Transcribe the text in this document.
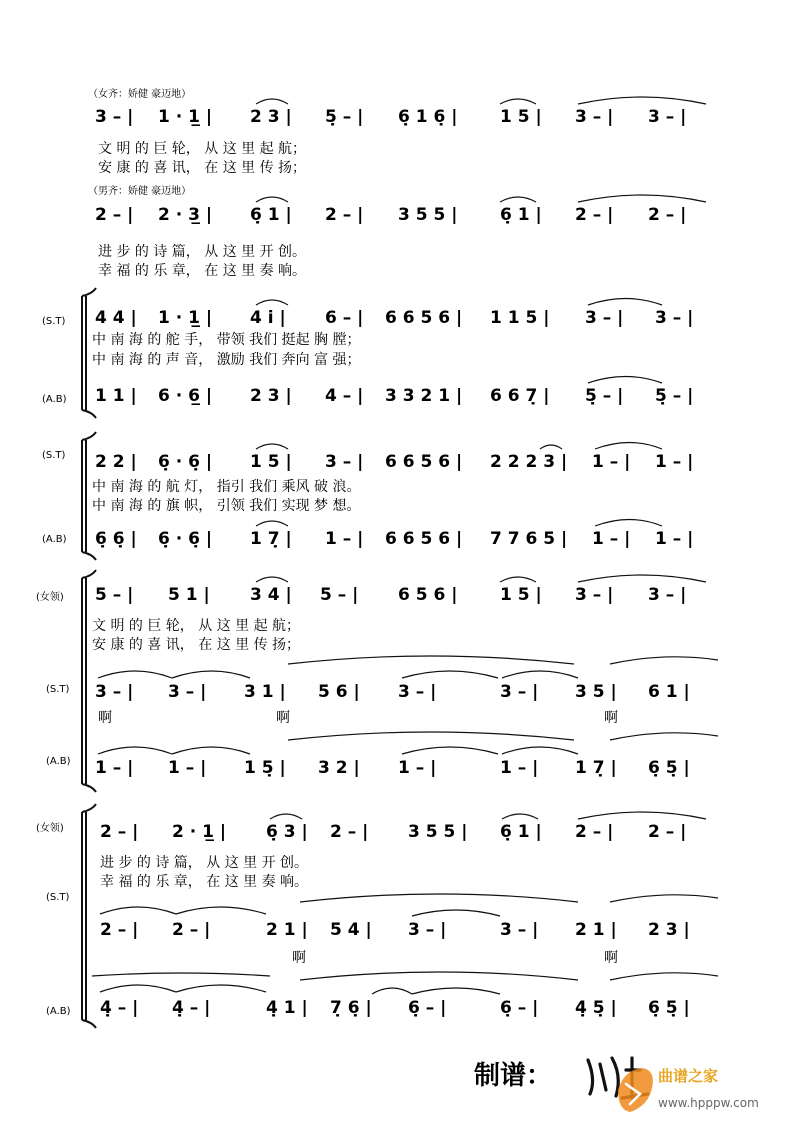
（女齐：娇健 豪迈地）
3 – | 1 · 1̲ | 2 3 | 5̣ – | 6̣ 1 6̣ |	1 5 | 3 – | 3 – |
文 明 的 巨 轮， 从 这 里 起 航；
安 康 的 喜 讯， 在 这 里 传 扬；
（男齐：娇健 豪迈地）
2 – | 2 · 3̲ | 6̣ 1 | 2 – | 3 5 5 |	6̣ 1 | 2 – | 2 – |
进 步 的 诗 篇， 从 这 里 开 创。
幸 福 的 乐 章， 在 这 里 奏 响。
(S.T) 4 4 | 1 · 1̲ | 4 i | 6 – | 6 6 5 6 | 1 1 5 | 3 – | 3 – |
中 南 海 的 舵 手， 带领 我们 挺起 胸 膛；
中 南 海 的 声 音， 激励 我们 奔向 富 强；
(A.B) 1 1 | 6 · 6̲ | 2 3 | 4 – | 3 3 2 1 | 6 6 7̣ | 5̣ – | 5̣ – |
(S.T) 2 2 | 6̣ · 6̣ | 1 5 | 3 – | 6 6 5 6 | 2 2 2 3 | 1 – | 1 – |
中 南 海 的 航 灯， 指引 我们 乘风 破 浪。
中 南 海 的 旗 帜， 引领 我们 实现 梦 想。
(A.B) 6̣ 6̣ | 6̣ · 6̣ | 1 7̣ | 1 – | 6 6 5 6 | 7 7 6 5 | 1 – | 1 – |
(女领) 5 – | 5 1 | 3 4 | 5 – | 6 5 6 |	1 5 | 3 – | 3 – |
文 明 的 巨 轮， 从 这 里 起 航；
安 康 的 喜 讯， 在 这 里 传 扬；
(S.T) 3 – | 3 – | 3 1 | 5 6 | 3 – |	3 – | 3 5 | 6 1 |
啊	啊	啊
(A.B) 1 – | 1 – | 1 5̣ | 3 2 | 1 – |	1 – | 1 7̣ | 6̣ 5̣ |
(女领) 2 – | 2 · 1̲ | 6̣ 3 | 2 – | 3 5 5 | 6̣ 1 | 2 – | 2 – |
进 步 的 诗 篇， 从 这 里 开 创。
幸 福 的 乐 章， 在 这 里 奏 响。
(S.T)
2 – | 2 – |	2 1 | 5 4 | 3 – |	3 – | 2 1 | 2 3 |
啊	啊
(A.B) 4̣ – | 4̣ – |	4̣ 1 | 7̣ 6̣ | 6̣ – |	6̣ – | 4̣ 5̣ | 6̣ 5̣ |
制谱：	曲谱之家
www.hpppw.com
